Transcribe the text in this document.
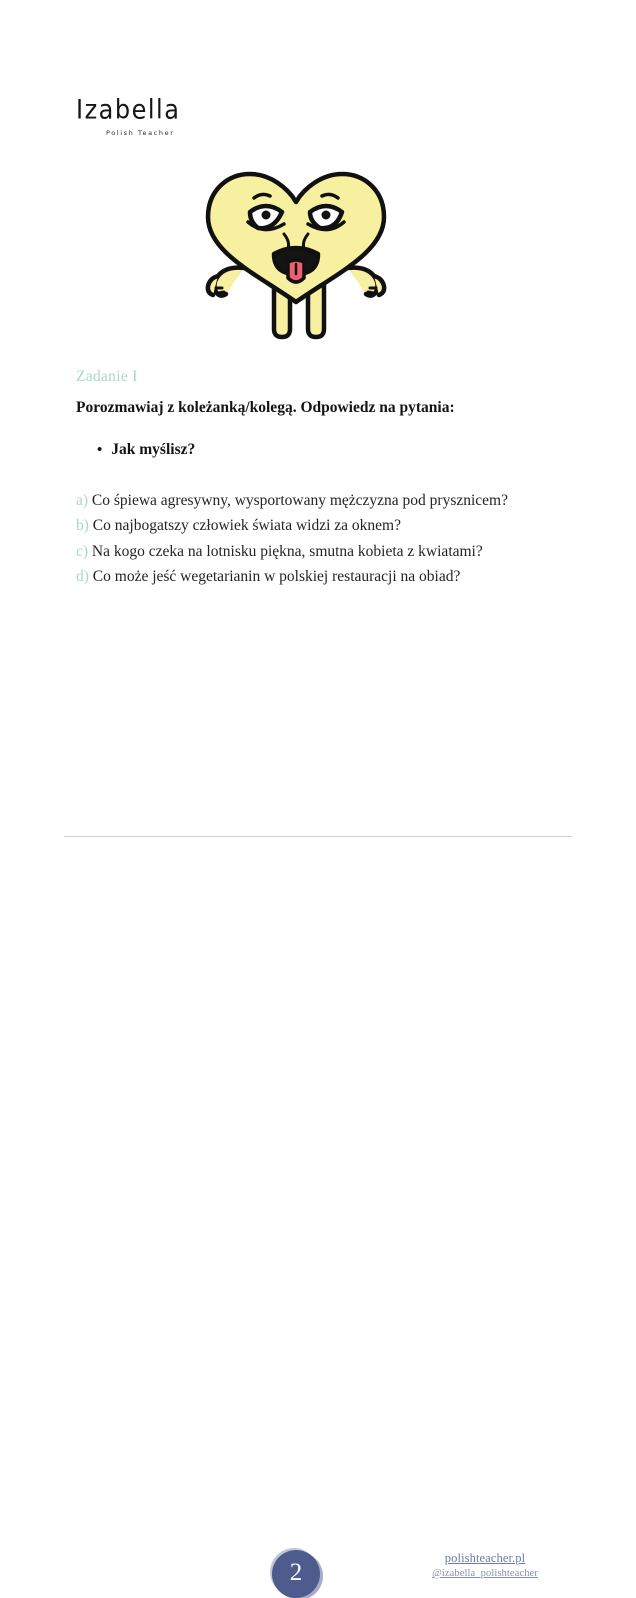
Izabella
Polish Teacher
Zadanie I
Porozmawiaj z koleżanką/kolegą. Odpowiedz na pytania:
• Jak myślisz?
a) Co śpiewa agresywny, wysportowany mężczyzna pod prysznicem?
b) Co najbogatszy człowiek świata widzi za oknem?
c) Na kogo czeka na lotnisku piękna, smutna kobieta z kwiatami?
d) Co może jeść wegetarianin w polskiej restauracji na obiad?
2
polishteacher.pl
@izabella_polishteacher
